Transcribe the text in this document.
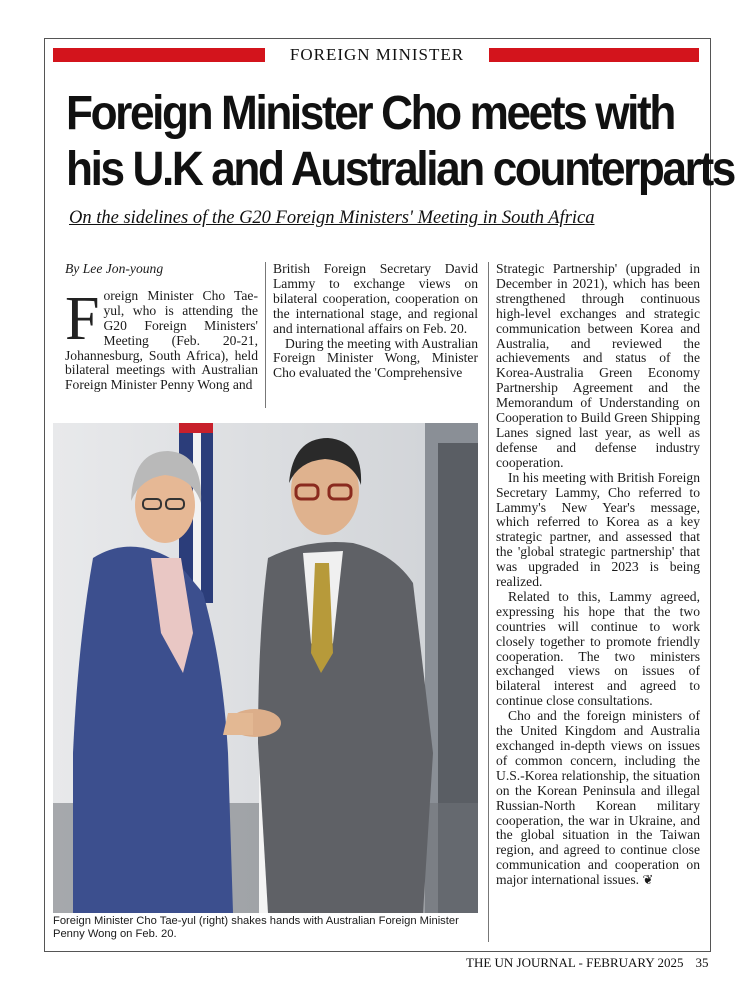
FOREIGN MINISTER
Foreign Minister Cho meets with
his U.K and Australian counterparts

On the sidelines of the G20 Foreign Ministers' Meeting in South Africa

By Lee Jon-young

Foreign Minister Cho Tae-yul, who is attending the G20 Foreign Ministers' Meeting (Feb. 20-21, Johannesburg, South Africa), held bilateral meetings with Australian Foreign Minister Penny Wong and

British Foreign Secretary David Lammy to exchange views on bilateral cooperation, cooperation on the international stage, and regional and international affairs on Feb. 20.

During the meeting with Australian Foreign Minister Wong, Minister Cho evaluated the 'Comprehensive

Strategic Partnership' (upgraded in December in 2021), which has been strengthened through continuous high-level exchanges and strategic communication between Korea and Australia, and reviewed the achievements and status of the Korea-Australia Green Economy Partnership Agreement and the Memorandum of Understanding on Cooperation to Build Green Shipping Lanes signed last year, as well as defense and defense industry cooperation.

In his meeting with British Foreign Secretary Lammy, Cho referred to Lammy's New Year's message, which referred to Korea as a key strategic partner, and assessed that the 'global strategic partnership' that was upgraded in 2023 is being realized.

Related to this, Lammy agreed, expressing his hope that the two countries will continue to work closely together to promote friendly cooperation. The two ministers exchanged views on issues of bilateral interest and agreed to continue close consultations.

Cho and the foreign ministers of the United Kingdom and Australia exchanged in-depth views on issues of common concern, including the U.S.-Korea relationship, the situation on the Korean Peninsula and illegal Russian-North Korean military cooperation, the war in Ukraine, and the global situation in the Taiwan region, and agreed to continue close communication and cooperation on major international issues. ❦

Foreign Minister Cho Tae-yul (right) shakes hands with Australian Foreign Minister Penny Wong on Feb. 20.
THE UN JOURNAL - FEBRUARY 2025 35
